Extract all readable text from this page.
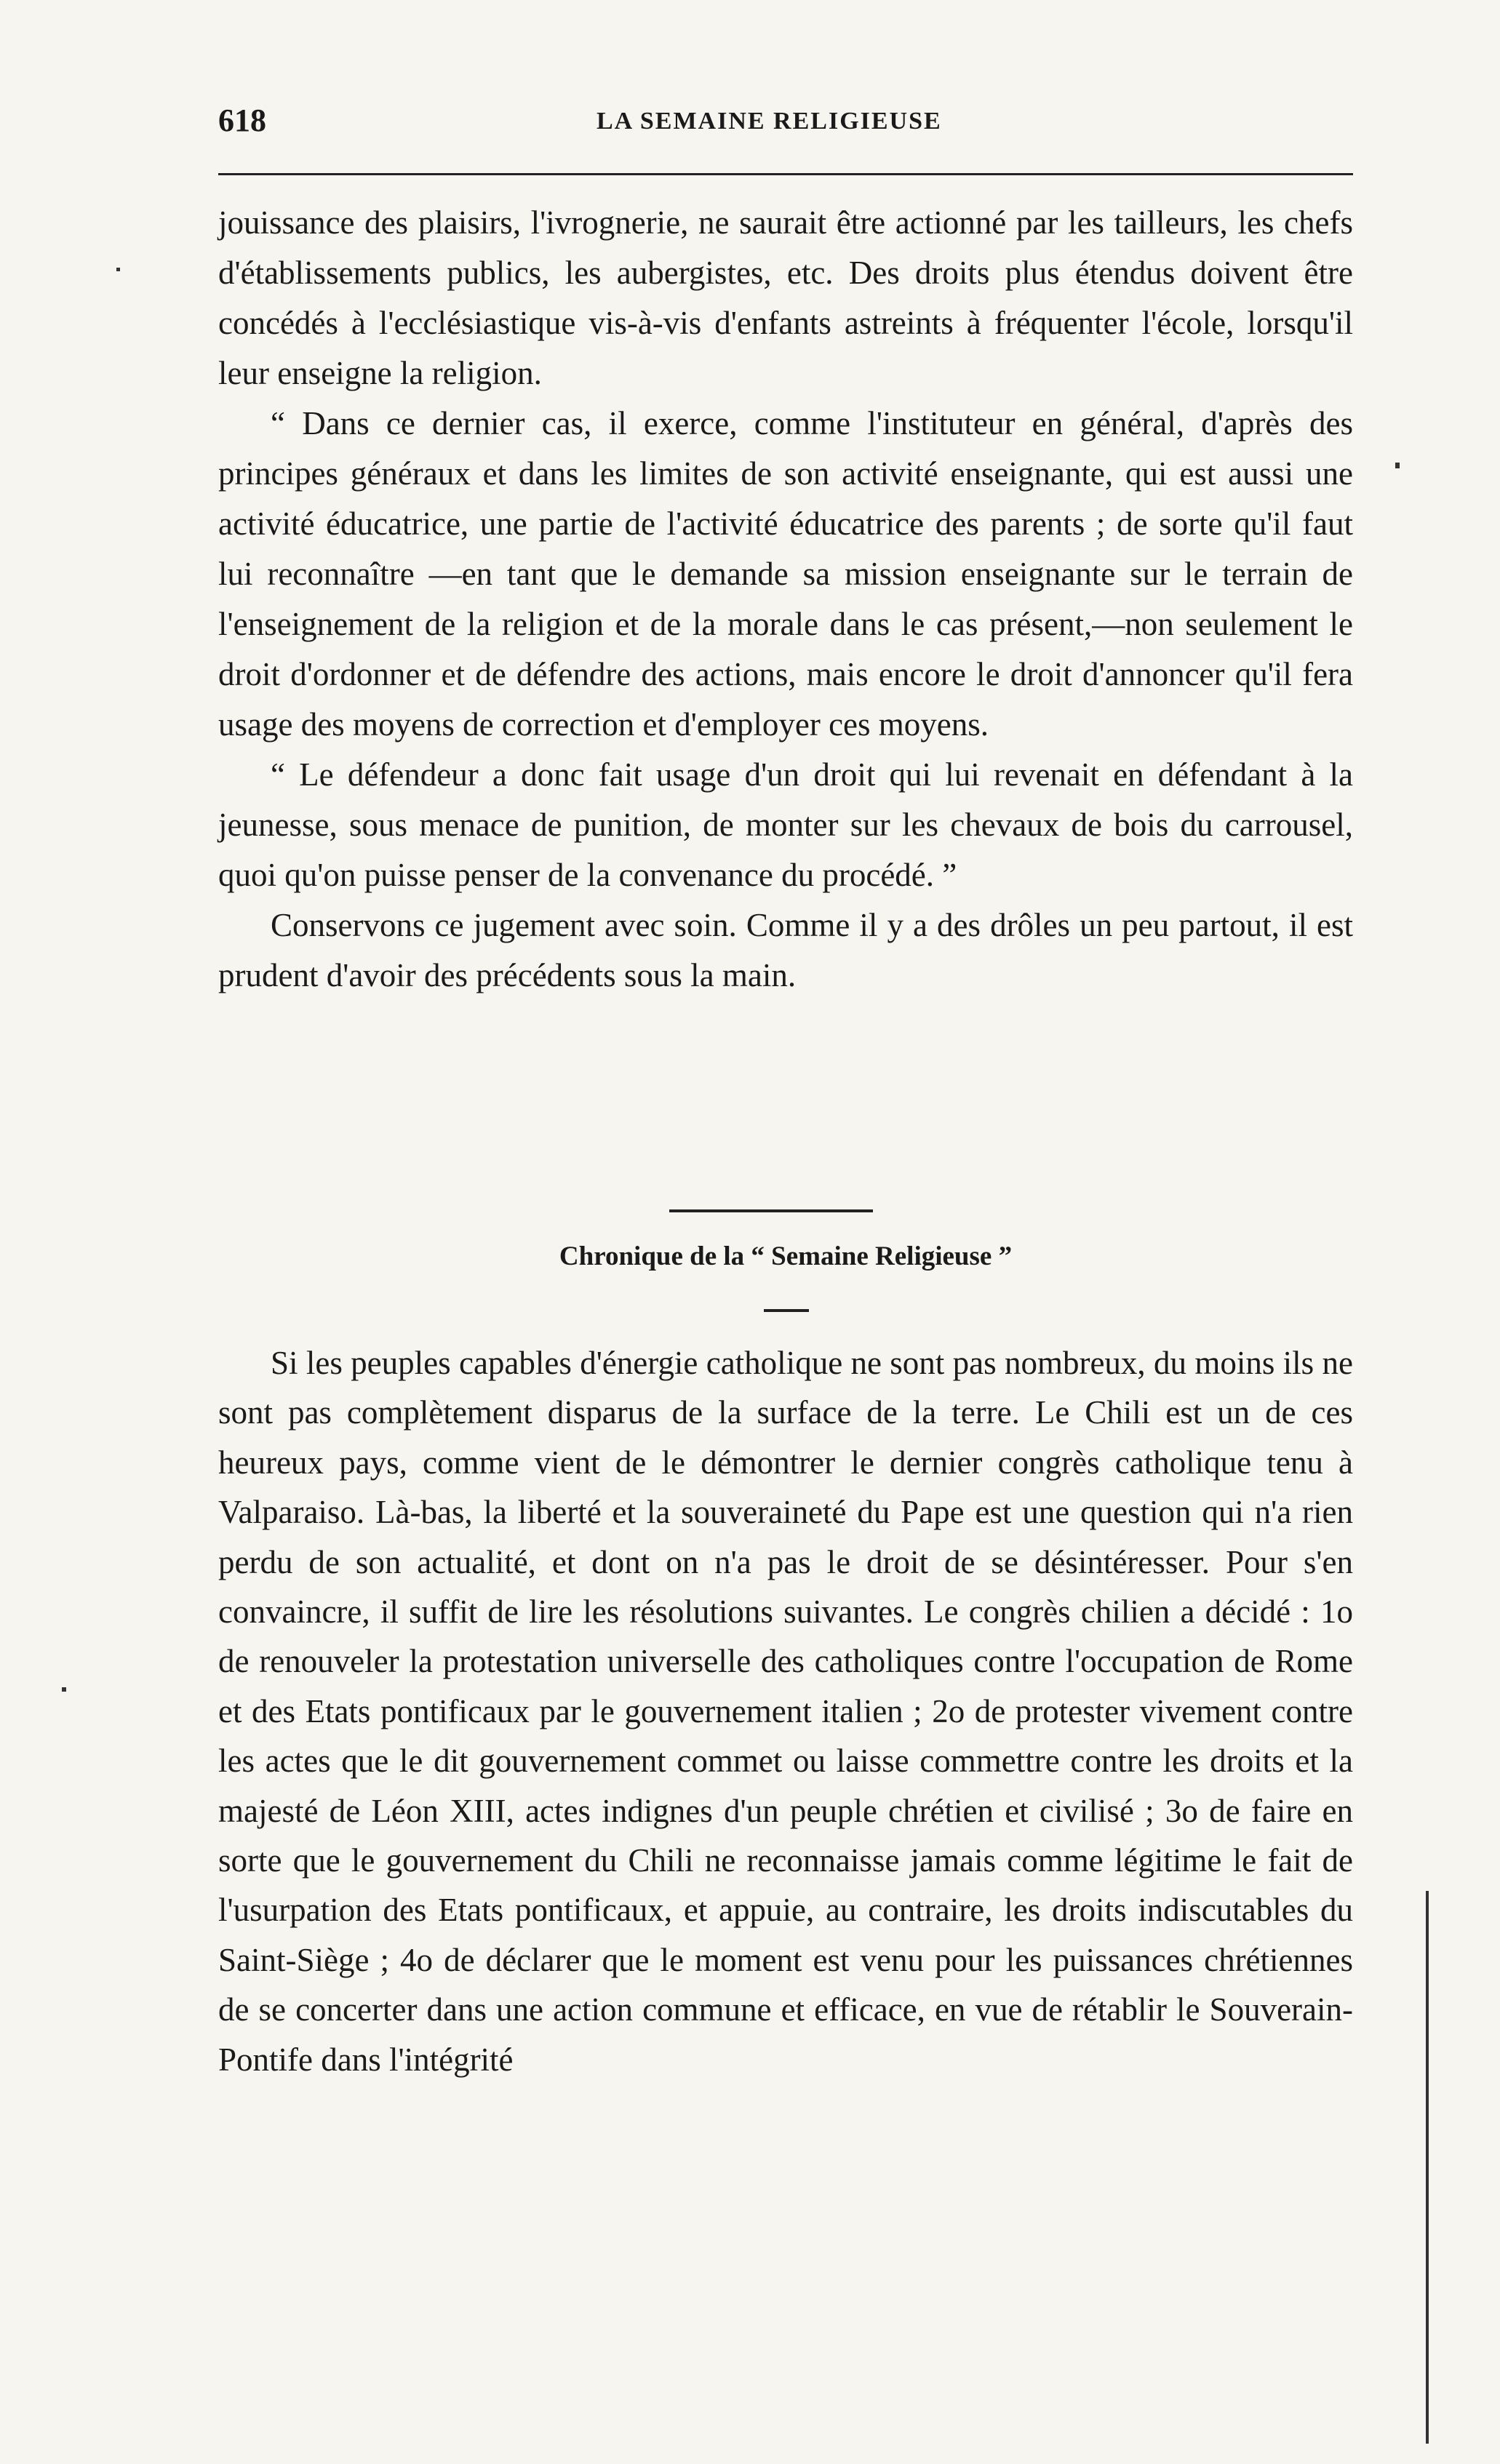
618	LA SEMAINE RELIGIEUSE

jouissance des plaisirs, l'ivrognerie, ne saurait être actionné par les tailleurs, les chefs d'établissements publics, les aubergistes, etc. Des droits plus étendus doivent être concédés à l'ecclésiastique vis-à-vis d'enfants astreints à fréquenter l'école, lorsqu'il leur enseigne la religion.

“ Dans ce dernier cas, il exerce, comme l'instituteur en général, d'après des principes généraux et dans les limites de son activité enseignante, qui est aussi une activité éducatrice, une partie de l'activité éducatrice des parents ; de sorte qu'il faut lui reconnaître —en tant que le demande sa mission enseignante sur le terrain de l'enseignement de la religion et de la morale dans le cas présent,—non seulement le droit d'ordonner et de défendre des actions, mais encore le droit d'annoncer qu'il fera usage des moyens de correction et d'employer ces moyens.

“ Le défendeur a donc fait usage d'un droit qui lui revenait en défendant à la jeunesse, sous menace de punition, de monter sur les chevaux de bois du carrousel, quoi qu'on puisse penser de la convenance du procédé. ”

Conservons ce jugement avec soin. Comme il y a des drôles un peu partout, il est prudent d'avoir des précédents sous la main.

Chronique de la “ Semaine Religieuse ”

Si les peuples capables d'énergie catholique ne sont pas nombreux, du moins ils ne sont pas complètement disparus de la surface de la terre. Le Chili est un de ces heureux pays, comme vient de le démontrer le dernier congrès catholique tenu à Valparaiso. Là-bas, la liberté et la souveraineté du Pape est une question qui n'a rien perdu de son actualité, et dont on n'a pas le droit de se désintéresser. Pour s'en convaincre, il suffit de lire les résolutions suivantes. Le congrès chilien a décidé : 1o de renouveler la protestation universelle des catholiques contre l'occupation de Rome et des Etats pontificaux par le gouvernement italien ; 2o de protester vivement contre les actes que le dit gouvernement commet ou laisse commettre contre les droits et la majesté de Léon XIII, actes indignes d'un peuple chrétien et civilisé ; 3o de faire en sorte que le gouvernement du Chili ne reconnaisse jamais comme légitime le fait de l'usurpation des Etats pontificaux, et appuie, au contraire, les droits indiscutables du Saint-Siège ; 4o de déclarer que le moment est venu pour les puissances chrétiennes de se concerter dans une action commune et efficace, en vue de rétablir le Souverain-Pontife dans l'intégrité
